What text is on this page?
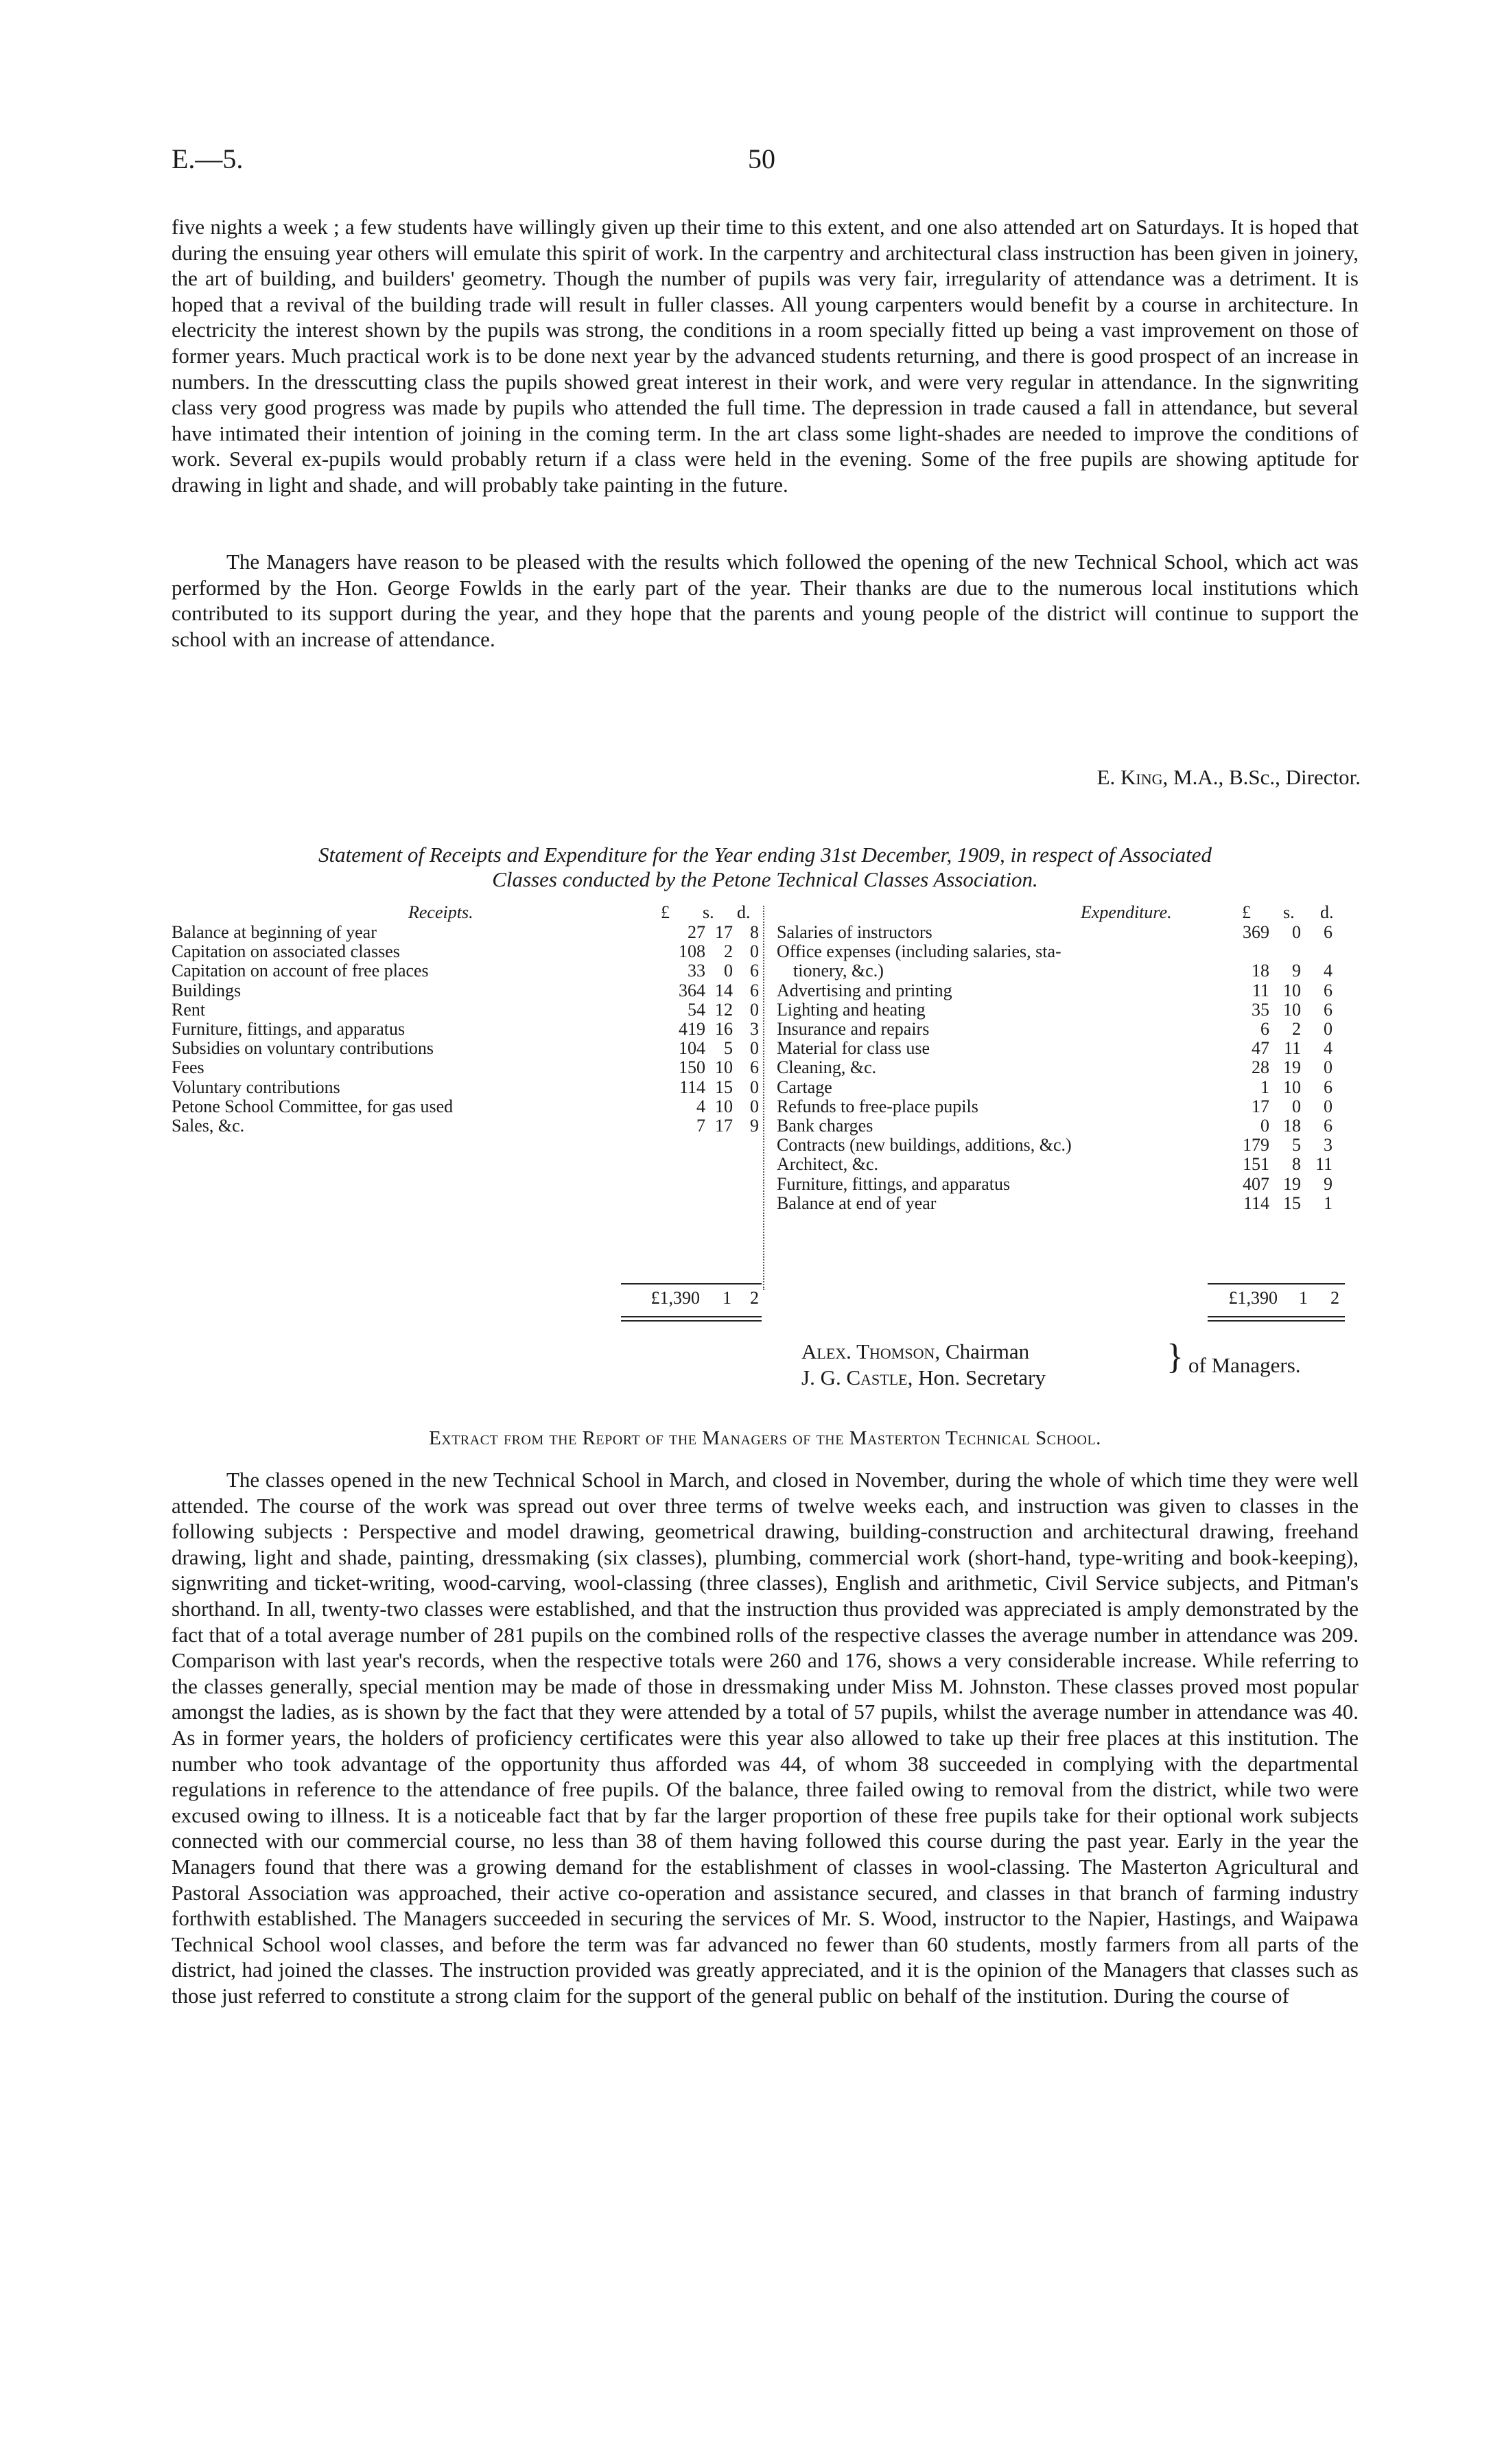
E.—5.	50

five nights a week ; a few students have willingly given up their time to this extent, and one also attended art on Saturdays. It is hoped that during the ensuing year others will emulate this spirit of work. In the carpentry and architectural class instruction has been given in joinery, the art of building, and builders' geometry. Though the number of pupils was very fair, irregularity of attendance was a detriment. It is hoped that a revival of the building trade will result in fuller classes. All young carpenters would benefit by a course in architecture. In electricity the interest shown by the pupils was strong, the conditions in a room specially fitted up being a vast improvement on those of former years. Much practical work is to be done next year by the advanced students returning, and there is good prospect of an increase in numbers. In the dresscutting class the pupils showed great interest in their work, and were very regular in attendance. In the signwriting class very good progress was made by pupils who attended the full time. The depression in trade caused a fall in attendance, but several have intimated their intention of joining in the coming term. In the art class some light-shades are needed to improve the conditions of work. Several ex-pupils would probably return if a class were held in the evening. Some of the free pupils are showing aptitude for drawing in light and shade, and will probably take painting in the future.

The Managers have reason to be pleased with the results which followed the opening of the new Technical School, which act was performed by the Hon. George Fowlds in the early part of the year. Their thanks are due to the numerous local institutions which contributed to its support during the year, and they hope that the parents and young people of the district will continue to support the school with an increase of attendance.

E. King, M.A., B.Sc., Director.
Statement of Receipts and Expenditure for the Year ending 31st December, 1909, in respect of Associated
Classes conducted by the Petone Technical Classes Association.
Receipts.	Expenditure.
£ s. d.	£ s. d.
Balance at beginning of year	27 17 8
Capitation on associated classes	108	2 0
Capitation on account of free places	33	0 6
Buildings	364 14 6
Rent	54 12 0
Furniture, fittings, and apparatus	419 16 3
Subsidies on voluntary contributions	104	5 0
Fees	150 10 6
Voluntary contributions	114 15 0
Petone School Committee, for gas used	4 10 0
Sales, &c.	7 17 9
Salaries of instructors	369	0	6
Office expenses (including salaries, sta-
tionery, &c.)	18	9	4
Advertising and printing	11 10	6
Lighting and heating	35 10	6
Insurance and repairs	6	2	0
Material for class use	47 11	4
Cleaning, &c.	28 19	0
Cartage	1 10	6
Refunds to free-place pupils	17	0	0
Bank charges	0 18	6
Contracts (new buildings, additions, &c.)	179	5	3
Architect, &c.	151	8 11
Furniture, fittings, and apparatus	407 19	9
Balance at end of year	114 15	1
£1,390	1	2	£1,390	1	2
Alex. Thomson, Chairman
J. G. Castle, Hon. Secretary
} of Managers.
Extract from the Report of the Managers of the Masterton Technical School.

The classes opened in the new Technical School in March, and closed in November, during the whole of which time they were well attended. The course of the work was spread out over three terms of twelve weeks each, and instruction was given to classes in the following subjects : Perspective and model drawing, geometrical drawing, building-construction and architectural drawing, freehand drawing, light and shade, painting, dressmaking (six classes), plumbing, commercial work (short-hand, type-writing and book-keeping), signwriting and ticket-writing, wood-carving, wool-classing (three classes), English and arithmetic, Civil Service subjects, and Pitman's shorthand. In all, twenty-two classes were established, and that the instruction thus provided was appreciated is amply demonstrated by the fact that of a total average number of 281 pupils on the combined rolls of the respective classes the average number in attendance was 209. Comparison with last year's records, when the respective totals were 260 and 176, shows a very considerable increase. While referring to the classes generally, special mention may be made of those in dressmaking under Miss M. Johnston. These classes proved most popular amongst the ladies, as is shown by the fact that they were attended by a total of 57 pupils, whilst the average number in attendance was 40. As in former years, the holders of proficiency certificates were this year also allowed to take up their free places at this institution. The number who took advantage of the opportunity thus afforded was 44, of whom 38 succeeded in complying with the departmental regulations in reference to the attendance of free pupils. Of the balance, three failed owing to removal from the district, while two were excused owing to illness. It is a noticeable fact that by far the larger proportion of these free pupils take for their optional work subjects connected with our commercial course, no less than 38 of them having followed this course during the past year. Early in the year the Managers found that there was a growing demand for the establishment of classes in wool-classing. The Masterton Agricultural and Pastoral Association was approached, their active co-operation and assistance secured, and classes in that branch of farming industry forthwith established. The Managers succeeded in securing the services of Mr. S. Wood, instructor to the Napier, Hastings, and Waipawa Technical School wool classes, and before the term was far advanced no fewer than 60 students, mostly farmers from all parts of the district, had joined the classes. The instruction provided was greatly appreciated, and it is the opinion of the Managers that classes such as those just referred to constitute a strong claim for the support of the general public on behalf of the institution. During the course of
